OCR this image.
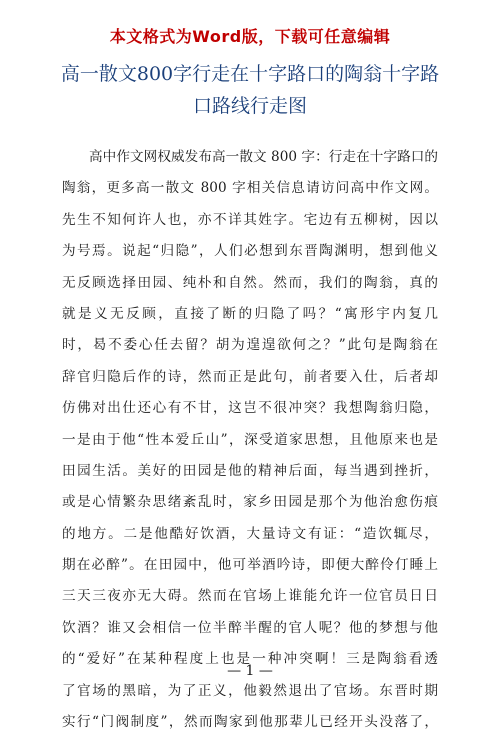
本文格式为Word版，下载可任意编辑
高一散文800字行走在十字路口的陶翁十字路口路线行走图
高中作文网权威发布高一散文 800 字：行走在十字路口的
陶翁，更多高一散文 800 字相关信息请访问高中作文网。
先生不知何许人也，亦不详其姓字。宅边有五柳树，因以
为号焉。说起“归隐”，人们必想到东晋陶渊明，想到他义
无反顾选择田园、纯朴和自然。然而，我们的陶翁，真的
就是义无反顾，直接了断的归隐了吗？“寓形宇内复几
时，曷不委心任去留？胡为遑遑欲何之？”此句是陶翁在
辞官归隐后作的诗，然而正是此句，前者要入仕，后者却
仿佛对出仕还心有不甘，这岂不很冲突？我想陶翁归隐，
一是由于他“性本爱丘山”，深受道家思想，且他原来也是
田园生活。美好的田园是他的精神后面，每当遇到挫折，
或是心情繁杂思绪紊乱时，家乡田园是那个为他治愈伤痕
的地方。二是他酷好饮酒，大量诗文有证：“造饮辄尽，
期在必醉”。在田园中，他可举酒吟诗，即便大醉伶仃睡上
三天三夜亦无大碍。然而在官场上谁能允许一位官员日日
饮酒？谁又会相信一位半醉半醒的官人呢？他的梦想与他
的“爱好”在某种程度上也是一种冲突啊！三是陶翁看透
了官场的黑暗，为了正义，他毅然退出了官场。东晋时期
实行“门阀制度”，然而陶家到他那辈儿已经开头没落了，
— 1 —
